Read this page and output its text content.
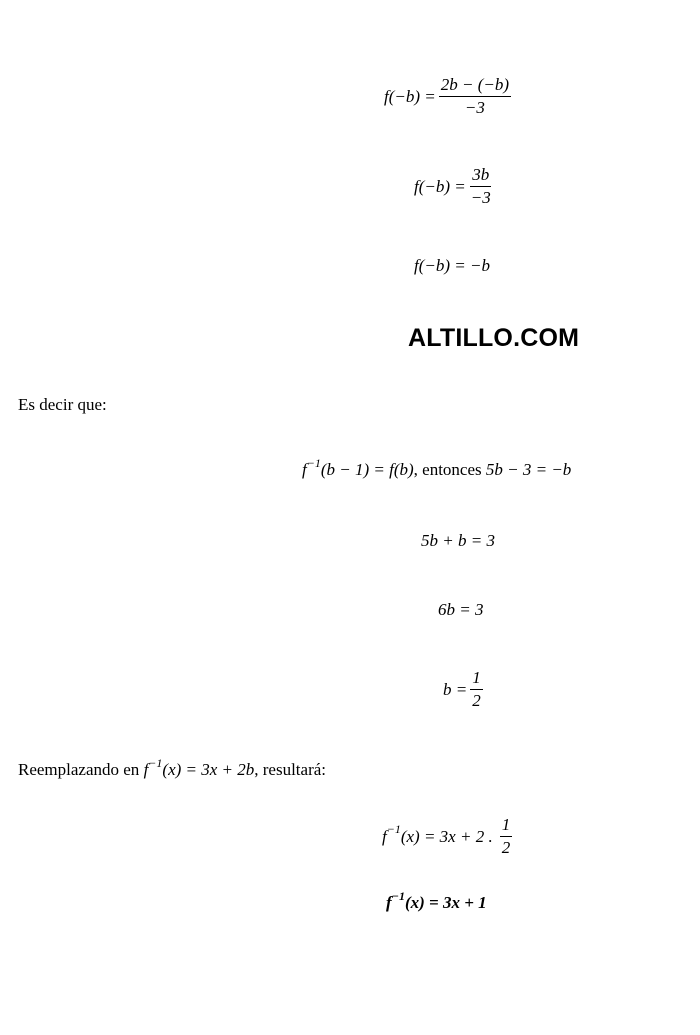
$f(-b) = \frac{2b - (-b)}{-3}$
$f(-b) = \frac{3b}{-3}$
f(−b) = −b
ALTILLO.COM
Es decir que:
f −1 (b − 1) = f(b) , entonces 5b − 3 = −b
5b + b = 3
6b = 3
$b = \frac{1}{2}$
Reemplazando en f −1 (x) = 3x + 2b , resultará:
f −1 (x) = 3x + 2 . $\frac{1}{2}$
f −1 (x) = 3x + 1
